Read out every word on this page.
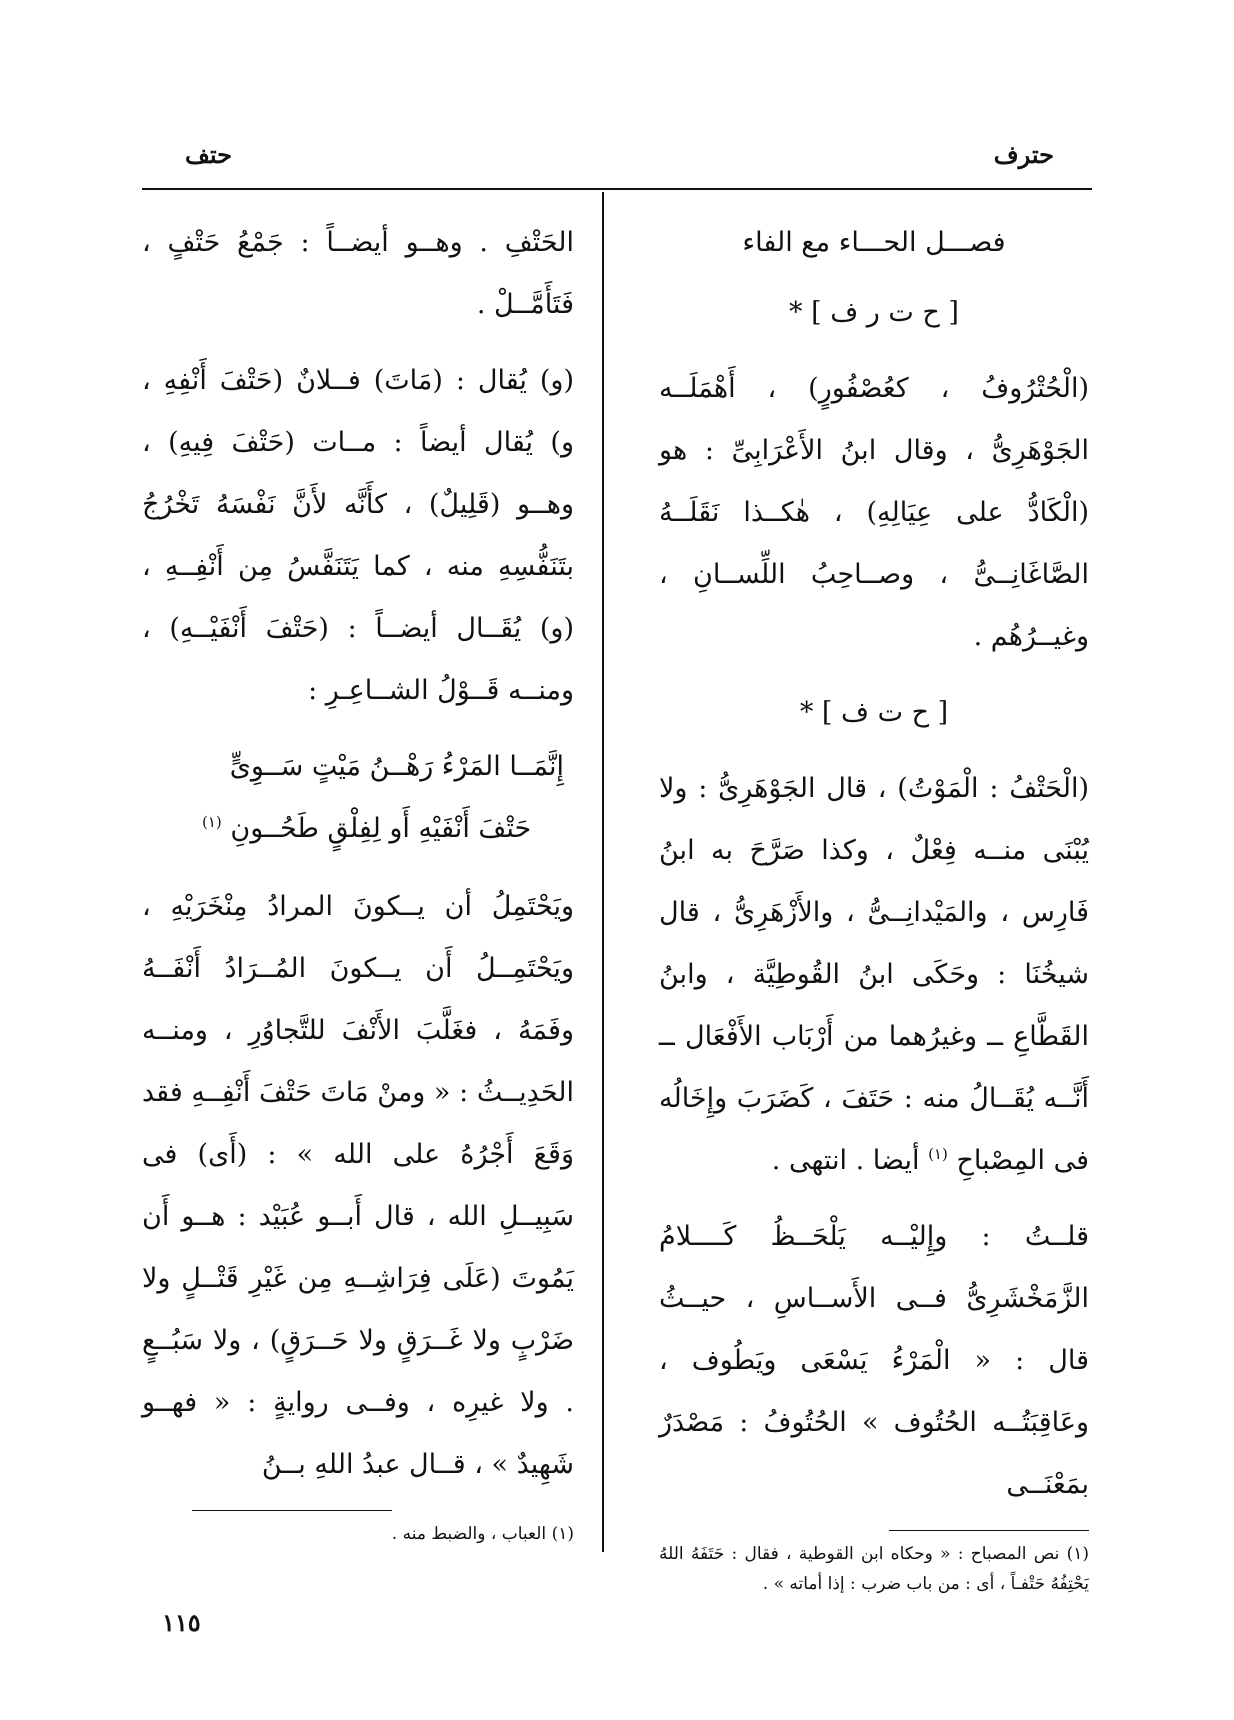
حترف
حتف
فصـــل الحـــاء مع الفاء
[ ح ت ر ف ] *

(الْحُتْرُوفُ ، كعُصْفُورٍ) ، أَهْمَلَــه الجَوْهَرِىُّ ، وقال ابنُ الأَعْرَابِىِّ : هو (الْكَادُّ على عِيَالِهِ) ، هٰكــذا نَقَلَــهُ الصَّاغَانِــىُّ ، وصــاحِبُ اللِّســانِ ، وغيــرُهُم .

[ ح ت ف ] *

(الْحَتْفُ : الْمَوْتُ) ، قال الجَوْهَرِىُّ : ولا يُبْنَى منــه فِعْلٌ ، وكذا صَرَّحَ به ابنُ فَارِس ، والمَيْدانِــىُّ ، والأَزْهَرِىُّ ، قال شيخُنَا : وحَكَى ابنُ القُوطِيَّة ، وابنُ القَطَّاعِ ــ وغيرُهما من أَرْبَاب الأَفْعَال ــ أَنَّــه يُقَــالُ منه : حَتَفَ ، كَضَرَبَ وإِخَالُه فى المِصْباحِ $^{(١)}$ أيضا . انتهى .

قلــتُ : وإِليْــه يَلْحَــظُ كَــــلامُ الزَّمَخْشَرِىُّ فــى الأَســاسِ ، حيــثُ قال : « الْمَرْءُ يَسْعَى ويَطُوف ، وعَاقِبَتُــه الحُتُوف » الحُتُوفُ : مَصْدَرٌ بمَعْنَــى

(١) نص المصباح : « وحكاه ابن القوطية ، فقال : حَتَفَهُ اللهُ يَحْتِفُهُ حَتْفـاً ، أى : من باب ضرب : إذا أماته » .

الحَتْفِ . وهــو أيضــاً : جَمْعُ حَتْفٍ ، فَتَأَمَّــلْ .

(و) يُقال : (مَاتَ) فــلانٌ (حَتْفَ أَنْفِهِ ، و) يُقال أيضاً : مــات (حَتْفَ فِيهِ) ، وهــو (قَلِيلٌ) ، كأَنَّه لأَنَّ نَفْسَهُ تَخْرُجُ بتَنَفُّسِهِ منه ، كما يَتَنَفَّسُ مِن أَنْفِــهِ ، (و) يُقَــال أيضــاً : (حَتْفَ أَنْفَيْــهِ) ، ومنــه قَــوْلُ الشــاعِـرِ :

إِنَّمَــا المَرْءُ رَهْــنُ مَيْتٍ سَــوِىٍّ
حَتْفَ أَنْفَيْهِ أَو لِفِلْقٍ طَحُــونِ $^{(١)}$

ويَحْتَمِلُ أن يــكونَ المرادُ مِنْخَرَيْهِ ، ويَحْتَمِــلُ أَن يــكونَ المُــرَادُ أَنْفَــهُ وفَمَهُ ، فغَلَّبَ الأَنْفَ للتَّجاوُرِ ، ومنــه الحَدِيــثُ : « ومنْ مَاتَ حَتْفَ أَنْفِــهِ فقد وَقَعَ أَجْرُهُ على الله » : (أَى) فى سَبِيــلِ الله ، قال أَبــو عُبَيْد : هــو أَن يَمُوتَ (عَلَى فِرَاشِــهِ مِن غَيْرِ قَتْــلٍ ولا ضَرْبٍ ولا غَــرَقٍ ولا حَــرَقٍ) ، ولا سَبُــعٍ . ولا غيرِه ، وفــى روايةٍ : « فهــو شَهِيدٌ » ، قــال عبدُ اللهِ بــنُ

(١) العباب ، والضبط منه .
١١٥
